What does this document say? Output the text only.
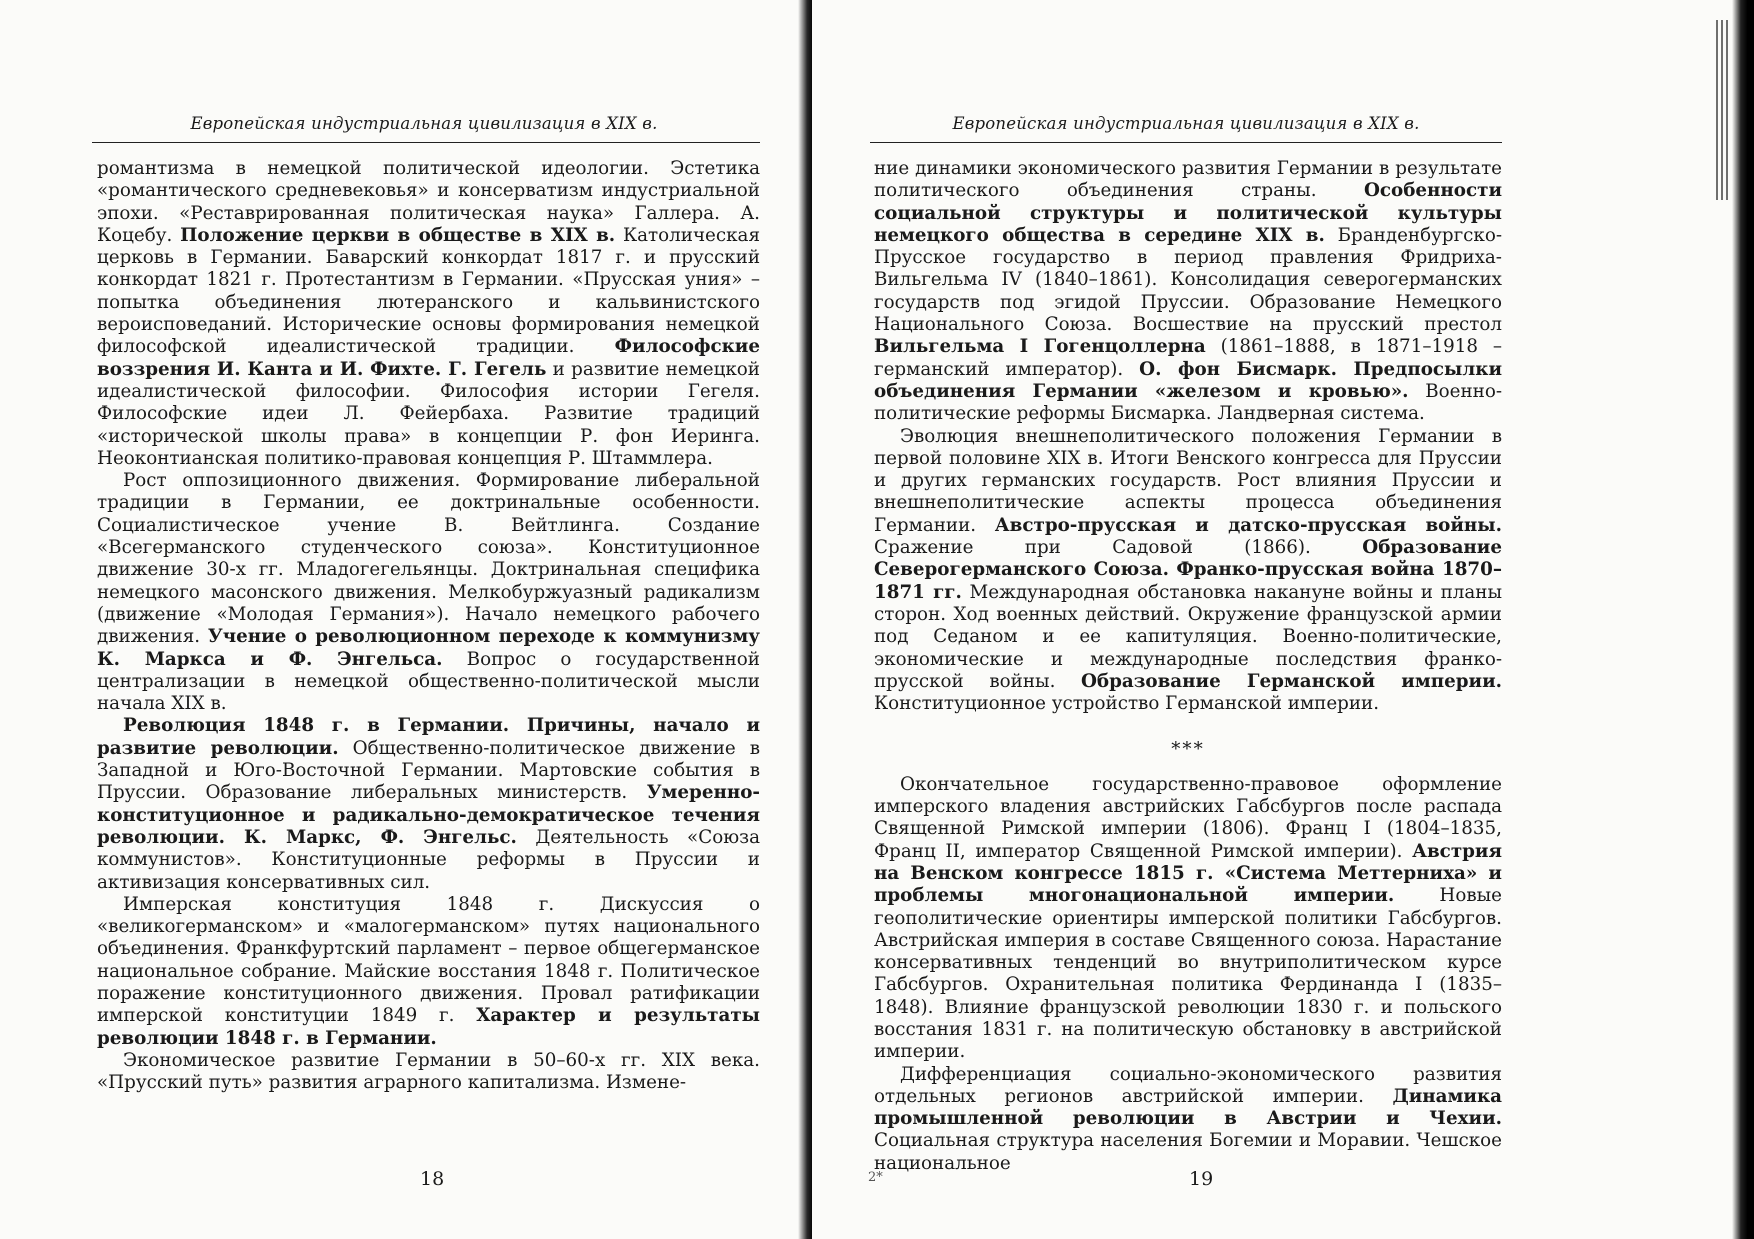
Европейская индустриальная цивилизация в XIX в.

романтизма в немецкой политической идеологии. Эстетика «романтического средневековья» и консерватизм индустриальной эпохи. «Реставрированная политическая наука» Галлера. А. Коцебу. Положение церкви в обществе в XIX в. Католическая церковь в Германии. Баварский конкордат 1817 г. и прусский конкордат 1821 г. Протестантизм в Германии. «Прусская уния» – попытка объединения лютеранского и кальвинистского вероисповеданий. Исторические основы формирования немецкой философской идеалистической традиции. Философские воззрения И. Канта и И. Фихте. Г. Гегель и развитие немецкой идеалистической философии. Философия истории Гегеля. Философские идеи Л. Фейербаха. Развитие традиций «исторической школы права» в концепции Р. фон Иеринга. Неоконтианская политико-правовая концепция Р. Штаммлера.

Рост оппозиционного движения. Формирование либеральной традиции в Германии, ее доктринальные особенности. Социалистическое учение В. Вейтлинга. Создание «Всегерманского студенческого союза». Конституционное движение 30-х гг. Младогегельянцы. Доктринальная специфика немецкого масонского движения. Мелкобуржуазный радикализм (движение «Молодая Германия»). Начало немецкого рабочего движения. Учение о революционном переходе к коммунизму К. Маркса и Ф. Энгельса. Вопрос о государственной централизации в немецкой общественно-политической мысли начала XIX в.

Революция 1848 г. в Германии. Причины, начало и развитие революции. Общественно-политическое движение в Западной и Юго-Восточной Германии. Мартовские события в Пруссии. Образование либеральных министерств. Умеренно-конституционное и радикально-демократическое течения революции. К. Маркс, Ф. Энгельс. Деятельность «Союза коммунистов». Конституционные реформы в Пруссии и активизация консервативных сил.

Имперская конституция 1848 г. Дискуссия о «великогерманском» и «малогерманском» путях национального объединения. Франкфуртский парламент – первое общегерманское национальное собрание. Майские восстания 1848 г. Политическое поражение конституционного движения. Провал ратификации имперской конституции 1849 г. Характер и результаты революции 1848 г. в Германии.

Экономическое развитие Германии в 50–60-х гг. XIX века. «Прусский путь» развития аграрного капитализма. Измене-

18
Европейская индустриальная цивилизация в XIX в.

ние динамики экономического развития Германии в результате политического объединения страны. Особенности социальной структуры и политической культуры немецкого общества в середине XIX в. Бранденбургско-Прусское государство в период правления Фридриха-Вильгельма IV (1840–1861). Консолидация северогерманских государств под эгидой Пруссии. Образование Немецкого Национального Союза. Восшествие на прусский престол Вильгельма I Гогенцоллерна (1861–1888, в 1871–1918 – германский император). О. фон Бисмарк. Предпосылки объединения Германии «железом и кровью». Военно-политические реформы Бисмарка. Ландверная система.

Эволюция внешнеполитического положения Германии в первой половине XIX в. Итоги Венского конгресса для Пруссии и других германских государств. Рост влияния Пруссии и внешнеполитические аспекты процесса объединения Германии. Австро-прусская и датско-прусская войны. Сражение при Садовой (1866). Образование Северогерманского Союза. Франко-прусская война 1870–1871 гг. Международная обстановка накануне войны и планы сторон. Ход военных действий. Окружение французской армии под Седаном и ее капитуляция. Военно-политические, экономические и международные последствия франко-прусской войны. Образование Германской империи. Конституционное устройство Германской империи.

***

Окончательное государственно-правовое оформление имперского владения австрийских Габсбургов после распада Священной Римской империи (1806). Франц I (1804–1835, Франц II, император Священной Римской империи). Австрия на Венском конгрессе 1815 г. «Система Меттерниха» и проблемы многонациональной империи. Новые геополитические ориентиры имперской политики Габсбургов. Австрийская империя в составе Священного союза. Нарастание консервативных тенденций во внутриполитическом курсе Габсбургов. Охранительная политика Фердинанда I (1835–1848). Влияние французской революции 1830 г. и польского восстания 1831 г. на политическую обстановку в австрийской империи.

Дифференциация социально-экономического развития отдельных регионов австрийской империи. Динамика промышленной революции в Австрии и Чехии. Социальная структура населения Богемии и Моравии. Чешское национальное

2*	19
